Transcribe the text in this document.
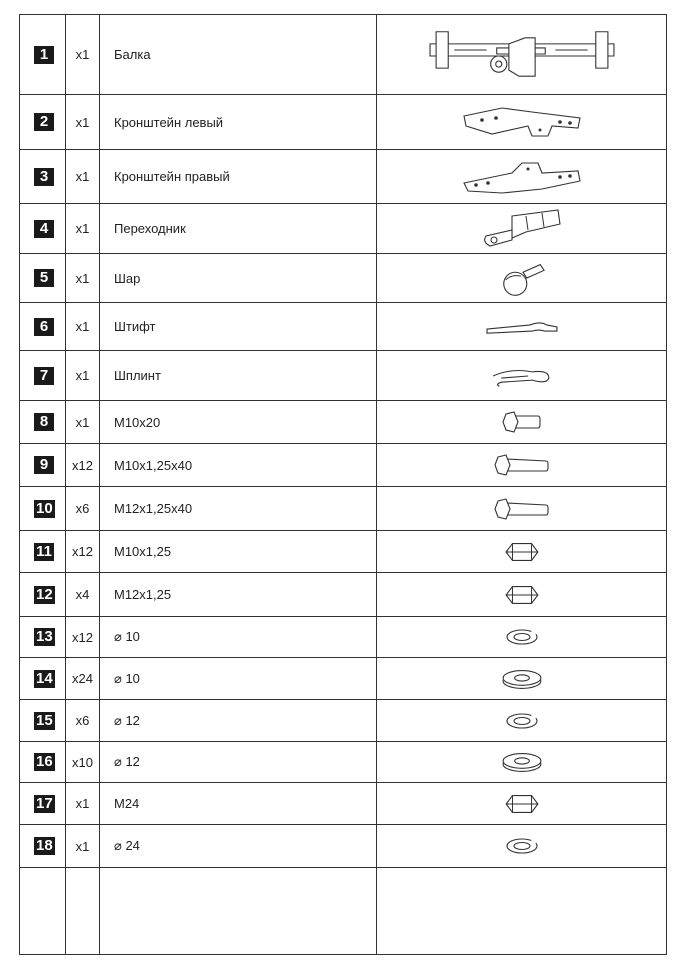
1	x1	Балка

2	x1	Кронштейн левый

3	x1	Кронштейн правый

4	x1	Переходник

5	x1	Шар

6	x1	Штифт

7	x1	Шплинт

8	x1	M10x20

9	x12	M10x1,25x40

10	x6	M12x1,25x40

11	x12	M10x1,25

12	x4	M12x1,25

13	x12	⌀ 10

14	x24	⌀ 10

15	x6	⌀ 12

16	x10	⌀ 12

17	x1	M24

18	x1	⌀ 24
